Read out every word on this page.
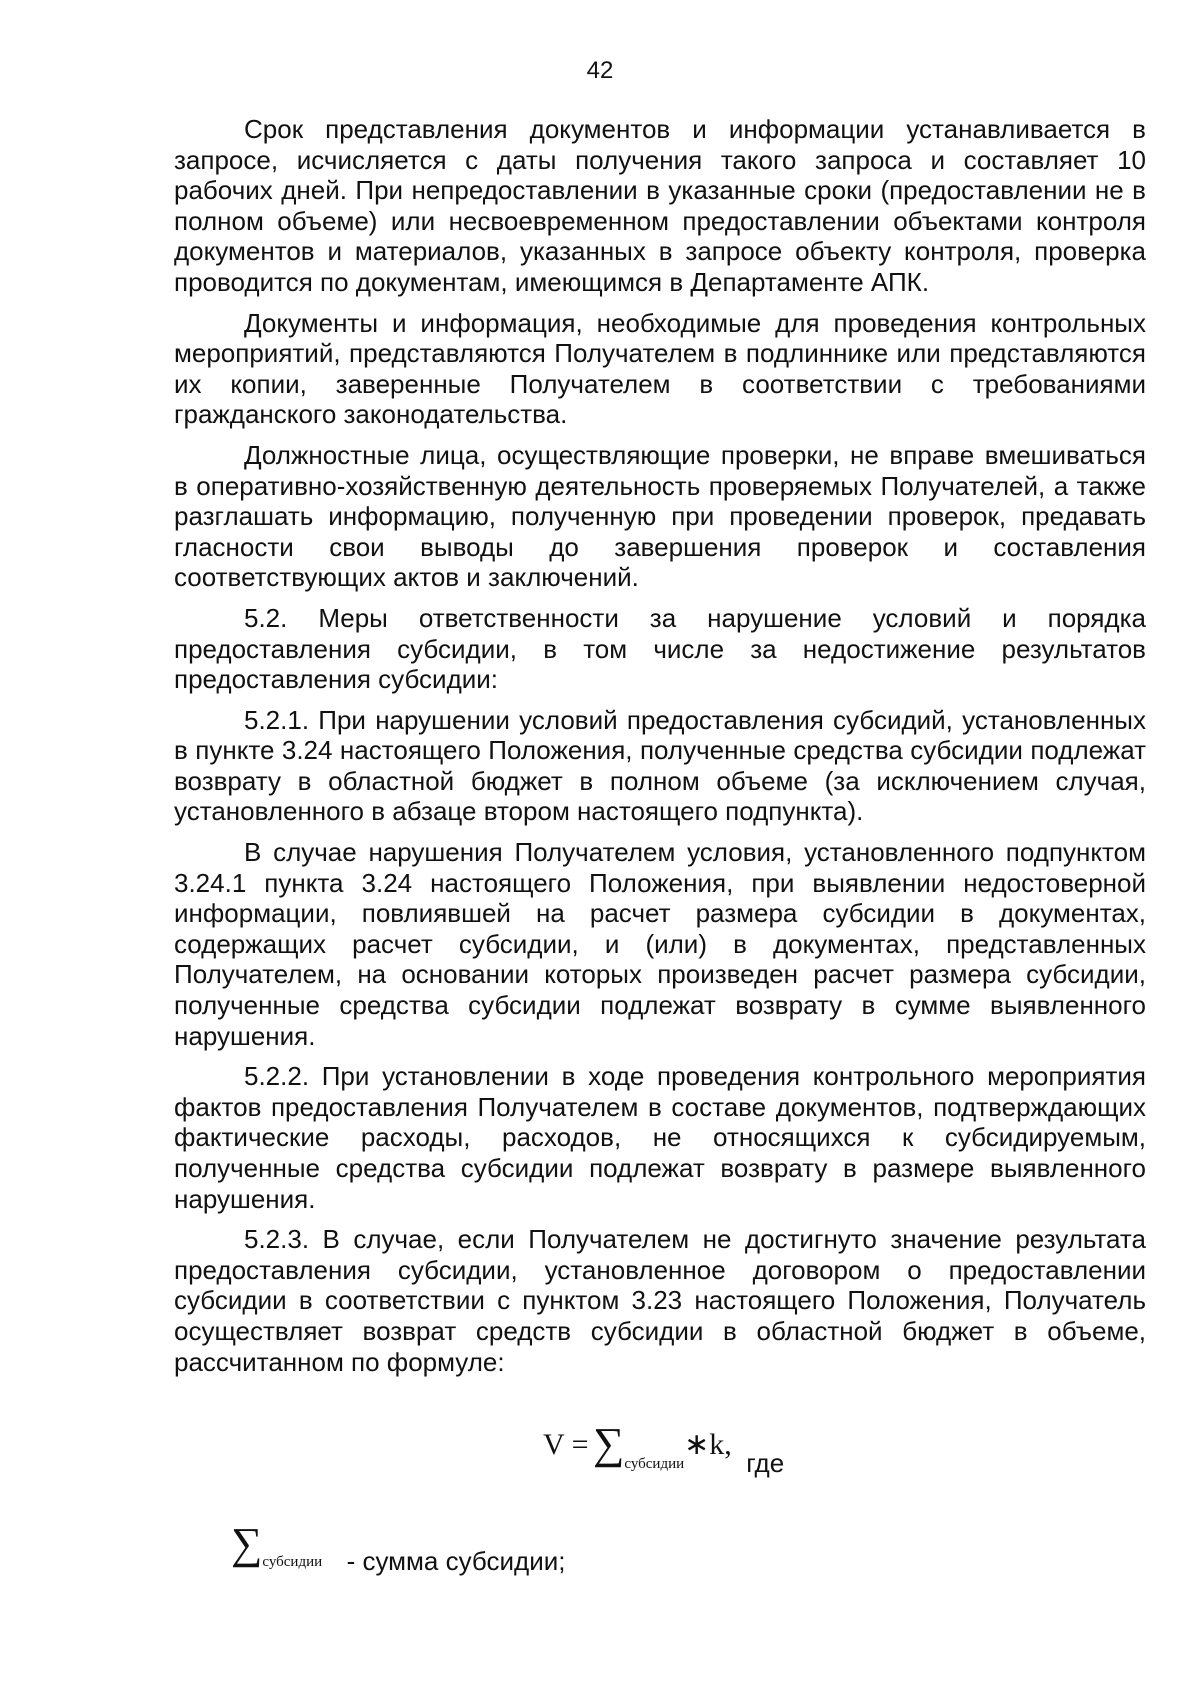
42

Срок представления документов и информации устанавливается в запросе, исчисляется с даты получения такого запроса и составляет 10 рабочих дней. При непредоставлении в указанные сроки (предоставлении не в полном объеме) или несвоевременном предоставлении объектами контроля документов и материалов, указанных в запросе объекту контроля, проверка проводится по документам, имеющимся в Департаменте АПК.

Документы и информация, необходимые для проведения контрольных мероприятий, представляются Получателем в подлиннике или представляются их копии, заверенные Получателем в соответствии с требованиями гражданского законодательства.

Должностные лица, осуществляющие проверки, не вправе вмешиваться в оперативно-хозяйственную деятельность проверяемых Получателей, а также разглашать информацию, полученную при проведении проверок, предавать гласности свои выводы до завершения проверок и составления соответствующих актов и заключений.

5.2. Меры ответственности за нарушение условий и порядка предоставления субсидии, в том числе за недостижение результатов предоставления субсидии:

5.2.1. При нарушении условий предоставления субсидий, установленных в пункте 3.24 настоящего Положения, полученные средства субсидии подлежат возврату в областной бюджет в полном объеме (за исключением случая, установленного в абзаце втором настоящего подпункта).

В случае нарушения Получателем условия, установленного подпунктом 3.24.1 пункта 3.24 настоящего Положения, при выявлении недостоверной информации, повлиявшей на расчет размера субсидии в документах, содержащих расчет субсидии, и (или) в документах, представленных Получателем, на основании которых произведен расчет размера субсидии, полученные средства субсидии подлежат возврату в сумме выявленного нарушения.

5.2.2. При установлении в ходе проведения контрольного мероприятия фактов предоставления Получателем в составе документов, подтверждающих фактические расходы, расходов, не относящихся к субсидируемым, полученные средства субсидии подлежат возврату в размере выявленного нарушения.

5.2.3. В случае, если Получателем не достигнуто значение результата предоставления субсидии, установленное договором о предоставлении субсидии в соответствии с пунктом 3.23 настоящего Положения, Получатель осуществляет возврат средств субсидии в областной бюджет в объеме, рассчитанном по формуле:

V = ∑субсидии∗k, где
∑субсидии - сумма субсидии;
